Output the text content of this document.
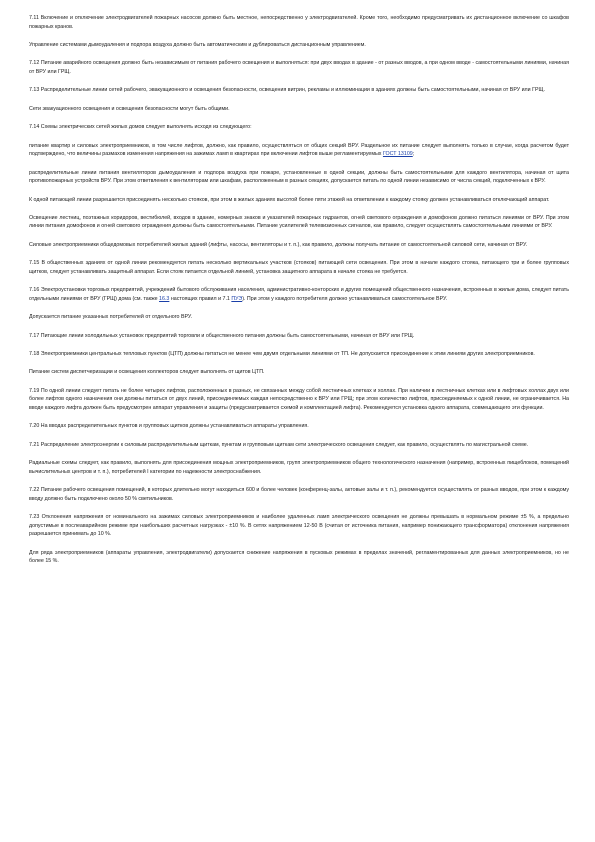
7.11 Включение и отключение электродвигателей пожарных насосов должно быть местное, непосредственно у электродвигателей. Кроме того, необходимо предусматривать их дистанционное включение со шкафов пожарных кранов.

Управление системами дымоудаления и подпора воздуха должно быть автоматическим и дублироваться дистанционным управлением.

7.12 Питание аварийного освещения должно быть независимым от питания рабочего освещения и выполняться: при двух вводах в здание - от разных вводов, а при одном вводе - самостоятельными линиями, начиная от ВРУ или ГРЩ.

7.13 Распределительные линии сетей рабочего, эвакуационного и освещения безопасности, освещения витрин, рекламы и иллюминации в зданиях должны быть самостоятельными, начиная от ВРУ или ГРЩ.

Сети эвакуационного освещения и освещения безопасности могут быть общими.

7.14 Схемы электрических сетей жилых домов следует выполнять исходя из следующего:

питание квартир и силовых электроприемников, в том числе лифтов, должно, как правило, осуществляться от общих секций ВРУ. Раздельное их питание следует выполнять только в случае, когда расчетом будет подтверждено, что величины размахов изменения напряжения на зажимах ламп в квартирах при включении лифтов выше регламентируемых ГОСТ 13109;

распределительные линии питания вентиляторов дымоудаления и подпора воздуха при пожаре, установленные в одной секции, должны быть самостоятельными для каждого вентилятора, начиная от щита противопожарных устройств ВРУ. При этом ответвления к вентиляторам или шкафам, расположенным в разных секциях, допускается питать по одной линии независимо от числа секций, подключенных к ВРУ.

К одной питающей линии разрешается присоединять несколько стояков, при этом в жилых зданиях высотой более пяти этажей на ответвлении к каждому стояку должен устанавливаться отключающий аппарат.

Освещение лестниц, поэтажных коридоров, вестибюлей, входов в здание, номерных знаков и указателей пожарных гидрантов, огней светового ограждения и домофонов должно питаться линиями от ВРУ. При этом линии питания домофонов и огней светового ограждения должны быть самостоятельными. Питание усилителей телевизионных сигналов, как правило, следует осуществлять самостоятельными линиями от ВРУ.

Силовые электроприемники общедомовых потребителей жилых зданий (лифты, насосы, вентиляторы и т. п.), как правило, должны получать питание от самостоятельной силовой сети, начиная от ВРУ.

7.15 В общественных зданиях от одной линии рекомендуется питать несколько вертикальных участков (стояков) питающей сети освещения. При этом в начале каждого стояка, питающего три и более групповых щитков, следует устанавливать защитный аппарат. Если стояк питается отдельной линией, установка защитного аппарата в начале стояка не требуется.

7.16 Электроустановки торговых предприятий, учреждений бытового обслуживания населения, административно-конторских и других помещений общественного назначения, встроенных в жилые дома, следует питать отдельными линиями от ВРУ (ГРЩ) дома (см. также 16.3 настоящих правил и 7.1 ПУЭ). При этом у каждого потребителя должно устанавливаться самостоятельное ВРУ.

Допускается питание указанных потребителей от отдельного ВРУ.

7.17 Питающие линии холодильных установок предприятий торговли и общественного питания должны быть самостоятельными, начиная от ВРУ или ГРЩ.

7.18 Электроприемники центральных тепловых пунктов (ЦТП) должны питаться не менее чем двумя отдельными линиями от ТП. Не допускается присоединение к этим линиям других электроприемников.

Питание систем диспетчеризации и освещения коллекторов следует выполнять от щитов ЦТП.

7.19 По одной линии следует питать не более четырех лифтов, расположенных в разных, не связанных между собой лестничных клетках и холлах. При наличии в лестничных клетках или в лифтовых холлах двух или более лифтов одного назначения они должны питаться от двух линий, присоединяемых каждая непосредственно к ВРУ или ГРЩ; при этом количество лифтов, присоединяемых к одной линии, не ограничивается. На вводе каждого лифта должен быть предусмотрен аппарат управления и защиты (предусматривается схемой и комплектацией лифта). Рекомендуется установка одного аппарата, совмещающего эти функции.

7.20 На вводах распределительных пунктов и групповых щитков должны устанавливаться аппараты управления.

7.21 Распределение электроэнергии к силовым распределительным щиткам, пунктам и групповым щиткам сети электрического освещения следует, как правило, осуществлять по магистральной схеме.

Радиальные схемы следует, как правило, выполнять для присоединения мощных электроприемников, групп электроприемников общего технологического назначения (например, встроенных пищеблоков, помещений вычислительных центров и т. п.), потребителей I категории по надежности электроснабжения.

7.22 Питание рабочего освещения помещений, в которых длительно могут находиться 600 и более человек (конференц-залы, актовые залы и т. п.), рекомендуется осуществлять от разных вводов, при этом к каждому вводу должно быть подключено около 50 % светильников.

7.23 Отклонения напряжения от номинального на зажимах силовых электроприемников и наиболее удаленных ламп электрического освещения не должны превышать в нормальном режиме ±5 %, а предельно допустимые в послеаварийном режиме при наибольших расчетных нагрузках - ±10 %. В сетях напряжением 12-50 В (считая от источника питания, например понижающего трансформатора) отклонения напряжения разрешается принимать до 10 %.

Для ряда электроприемников (аппараты управления, электродвигатели) допускается снижение напряжения в пусковых режимах в пределах значений, регламентированных для данных электроприемников, но не более 15 %.
